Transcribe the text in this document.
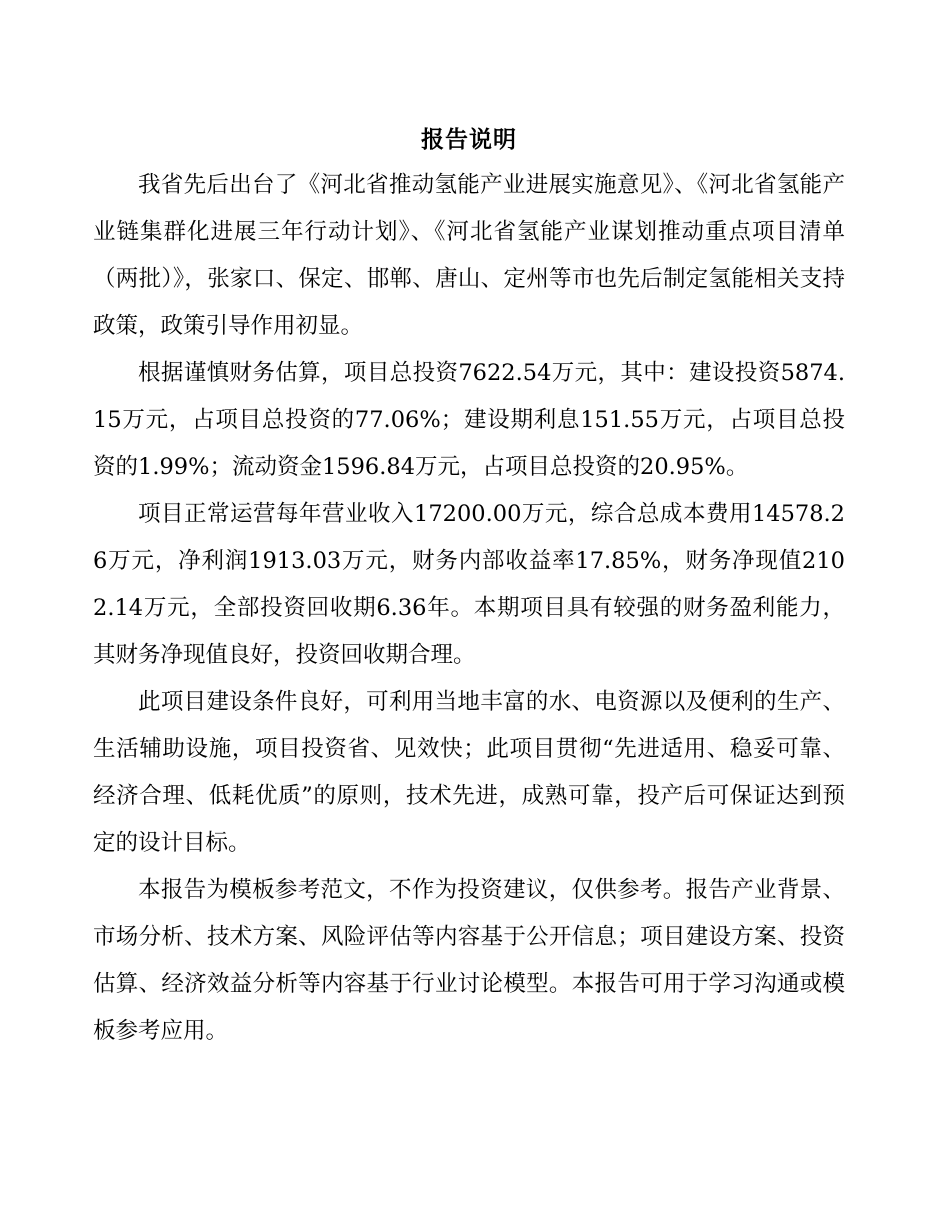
报告说明

我省先后出台了《河北省推动氢能产业进展实施意见》、《河北省氢能产业链集群化进展三年行动计划》、《河北省氢能产业谋划推动重点项目清单（两批）》，张家口、保定、邯郸、唐山、定州等市也先后制定氢能相关支持政策，政策引导作用初显。

根据谨慎财务估算，项目总投资7622.54万元，其中：建设投资5874.15万元，占项目总投资的77.06%；建设期利息151.55万元，占项目总投资的1.99%；流动资金1596.84万元，占项目总投资的20.95%。

项目正常运营每年营业收入17200.00万元，综合总成本费用14578.26万元，净利润1913.03万元，财务内部收益率17.85%，财务净现值2102.14万元，全部投资回收期6.36年。本期项目具有较强的财务盈利能力，其财务净现值良好，投资回收期合理。

此项目建设条件良好，可利用当地丰富的水、电资源以及便利的生产、生活辅助设施，项目投资省、见效快；此项目贯彻“先进适用、稳妥可靠、经济合理、低耗优质”的原则，技术先进，成熟可靠，投产后可保证达到预定的设计目标。

本报告为模板参考范文，不作为投资建议，仅供参考。报告产业背景、市场分析、技术方案、风险评估等内容基于公开信息；项目建设方案、投资估算、经济效益分析等内容基于行业讨论模型。本报告可用于学习沟通或模板参考应用。
